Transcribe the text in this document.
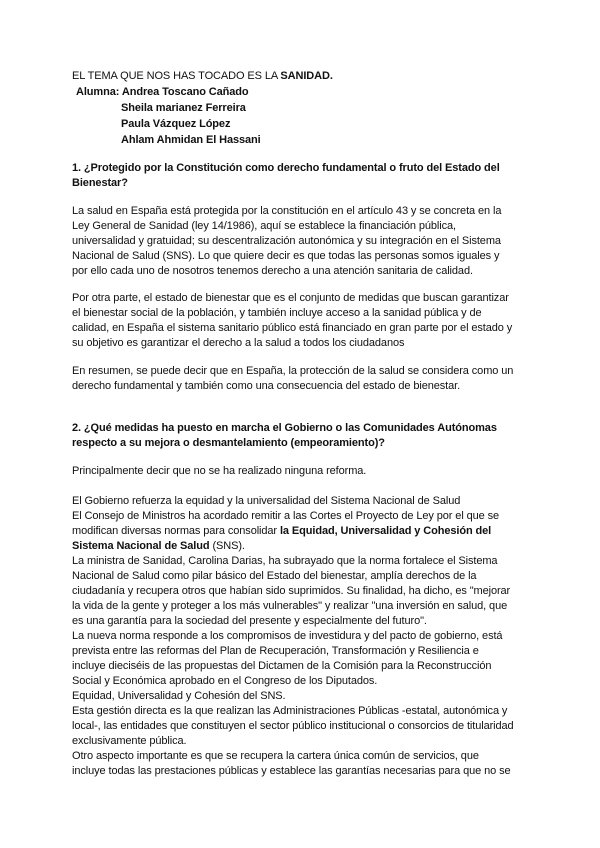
EL TEMA QUE NOS HAS TOCADO ES LA SANIDAD.
Alumna: Andrea Toscano Cañado
Sheila marianez Ferreira
Paula Vázquez López
Ahlam Ahmidan El Hassani
1. ¿Protegido por la Constitución como derecho fundamental o fruto del Estado del
Bienestar?
La salud en España está protegida por la constitución en el artículo 43 y se concreta en la
Ley General de Sanidad (ley 14/1986), aquí se establece la financiación pública,
universalidad y gratuidad; su descentralización autonómica y su integración en el Sistema
Nacional de Salud (SNS). Lo que quiere decir es que todas las personas somos iguales y
por ello cada uno de nosotros tenemos derecho a una atención sanitaria de calidad.
Por otra parte, el estado de bienestar que es el conjunto de medidas que buscan garantizar
el bienestar social de la población, y también incluye acceso a la sanidad pública y de
calidad, en España el sistema sanitario público está financiado en gran parte por el estado y
su objetivo es garantizar el derecho a la salud a todos los ciudadanos
En resumen, se puede decir que en España, la protección de la salud se considera como un
derecho fundamental y también como una consecuencia del estado de bienestar.
2. ¿Qué medidas ha puesto en marcha el Gobierno o las Comunidades Autónomas
respecto a su mejora o desmantelamiento (empeoramiento)?
Principalmente decir que no se ha realizado ninguna reforma.
El Gobierno refuerza la equidad y la universalidad del Sistema Nacional de Salud
El Consejo de Ministros ha acordado remitir a las Cortes el Proyecto de Ley por el que se
modifican diversas normas para consolidar la Equidad, Universalidad y Cohesión del
Sistema Nacional de Salud (SNS).
La ministra de Sanidad, Carolina Darias, ha subrayado que la norma fortalece el Sistema
Nacional de Salud como pilar básico del Estado del bienestar, amplía derechos de la
ciudadanía y recupera otros que habían sido suprimidos. Su finalidad, ha dicho, es "mejorar
la vida de la gente y proteger a los más vulnerables" y realizar "una inversión en salud, que
es una garantía para la sociedad del presente y especialmente del futuro".
La nueva norma responde a los compromisos de investidura y del pacto de gobierno, está
prevista entre las reformas del Plan de Recuperación, Transformación y Resiliencia e
incluye dieciséis de las propuestas del Dictamen de la Comisión para la Reconstrucción
Social y Económica aprobado en el Congreso de los Diputados.
Equidad, Universalidad y Cohesión del SNS.
Esta gestión directa es la que realizan las Administraciones Públicas -estatal, autonómica y
local-, las entidades que constituyen el sector público institucional o consorcios de titularidad
exclusivamente pública.
Otro aspecto importante es que se recupera la cartera única común de servicios, que
incluye todas las prestaciones públicas y establece las garantías necesarias para que no se
